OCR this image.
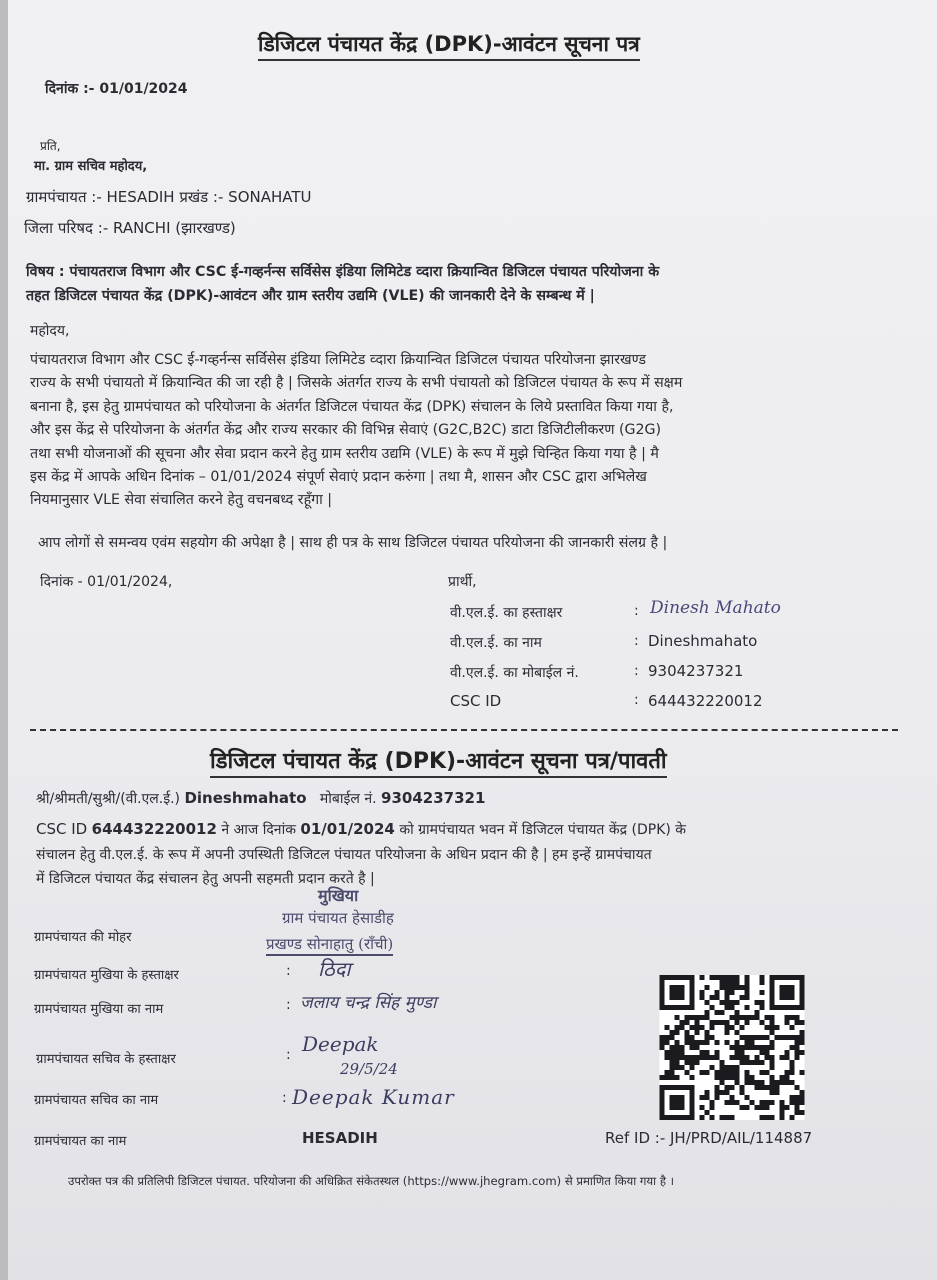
डिजिटल पंचायत केंद्र (DPK)-आवंटन सूचना पत्र
दिनांक :- 01/01/2024
प्रति,
मा. ग्राम सचिव महोदय,
ग्रामपंचायत :- HESADIH प्रखंड :- SONAHATU
जिला परिषद :- RANCHI (झारखण्ड)
विषय : पंचायतराज विभाग और CSC ई-गव्हर्नन्स सर्विसेस इंडिया लिमिटेड व्दारा क्रियान्वित डिजिटल पंचायत परियोजना के
तहत डिजिटल पंचायत केंद्र (DPK)-आवंटन और ग्राम स्तरीय उद्यमि (VLE) की जानकारी देने के सम्बन्ध में |
महोदय,
पंचायतराज विभाग और CSC ई-गव्हर्नन्स सर्विसेस इंडिया लिमिटेड व्दारा क्रियान्वित डिजिटल पंचायत परियोजना झारखण्ड
राज्य के सभी पंचायतो में क्रियान्वित की जा रही है | जिसके अंतर्गत राज्य के सभी पंचायतो को डिजिटल पंचायत के रूप में सक्षम
बनाना है, इस हेतु ग्रामपंचायत को परियोजना के अंतर्गत डिजिटल पंचायत केंद्र (DPK) संचालन के लिये प्रस्तावित किया गया है,
और इस केंद्र से परियोजना के अंतर्गत केंद्र और राज्य सरकार की विभिन्न सेवाएं (G2C,B2C) डाटा डिजिटीलीकरण (G2G)
तथा सभी योजनाओं की सूचना और सेवा प्रदान करने हेतु ग्राम स्तरीय उद्यमि (VLE) के रूप में मुझे चिन्हित किया गया है | मै
इस केंद्र में आपके अधिन दिनांक – 01/01/2024 संपूर्ण सेवाएं प्रदान करुंगा | तथा मै, शासन और CSC द्वारा अभिलेख
नियमानुसार VLE सेवा संचालित करने हेतु वचनबध्द रहूँगा |
आप लोगों से समन्वय एवंम सहयोग की अपेक्षा है | साथ ही पत्र के साथ डिजिटल पंचायत परियोजना की जानकारी संलग्र है |
दिनांक - 01/01/2024,	प्रार्थी,
वी.एल.ई. का हस्ताक्षर	: Dinesh Mahato
वी.एल.ई. का नाम	: Dineshmahato
वी.एल.ई. का मोबाईल नं.	: 9304237321
CSC ID	: 644432220012
डिजिटल पंचायत केंद्र (DPK)-आवंटन सूचना पत्र/पावती
श्री/श्रीमती/सुश्री/(वी.एल.ई.) Dineshmahato मोबाईल नं. 9304237321
CSC ID 644432220012 ने आज दिनांक 01/01/2024 को ग्रामपंचायत भवन में डिजिटल पंचायत केंद्र (DPK) के
संचालन हेतु वी.एल.ई. के रूप में अपनी उपस्थिती डिजिटल पंचायत परियोजना के अधिन प्रदान की है | हम इन्हें ग्रामपंचायत
में डिजिटल पंचायत केंद्र संचालन हेतु अपनी सहमती प्रदान करते है |
मुखिया
ग्राम पंचायत हेसाडीह
प्रखण्ड सोनाहातु (राँची)
ग्रामपंचायत की मोहर
ग्रामपंचायत मुखिया के हस्ताक्षर	: ठिदा
ग्रामपंचायत मुखिया का नाम	: जलाय चन्द्र सिंह मुण्डा
ग्रामपंचायत सचिव के हस्ताक्षर	: Deepak
29/5/24
ग्रामपंचायत सचिव का नाम	: Deepak Kumar
ग्रामपंचायत का नाम	HESADIH	Ref ID :- JH/PRD/AIL/114887
उपरोक्त पत्र की प्रतिलिपी डिजिटल पंचायत. परियोजना की अधिक्रित संकेतस्थल (https://www.jhegram.com) से प्रमाणित किया गया है ।
